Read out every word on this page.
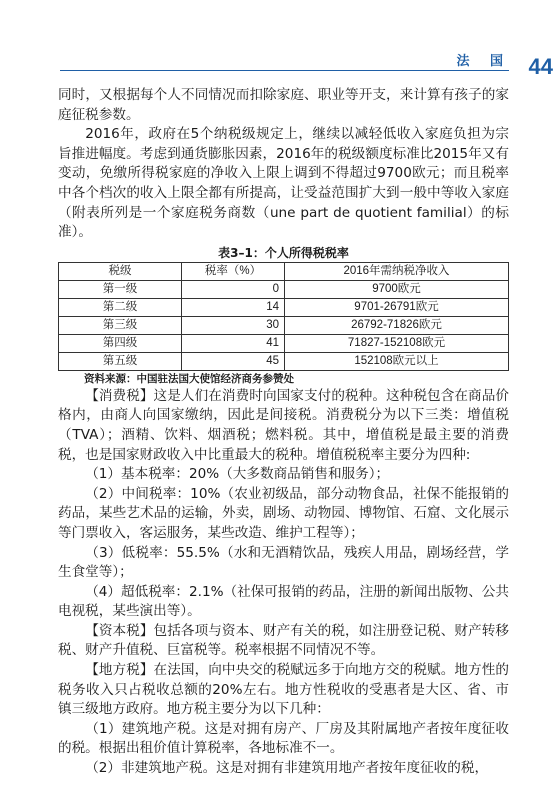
法 国 44

同时，又根据每个人不同情况而扣除家庭、职业等开支，来计算有孩子的家庭征税参数。

2016年，政府在5个纳税级规定上，继续以减轻低收入家庭负担为宗旨推进幅度。考虑到通货膨胀因素，2016年的税级额度标准比2015年又有变动，免缴所得税家庭的净收入上限上调到不得超过9700欧元；而且税率中各个档次的收入上限全都有所提高，让受益范围扩大到一般中等收入家庭（附表所列是一个家庭税务商数（une part de quotient familial）的标准）。

表3–1：个人所得税税率
税级	税率（%）	2016年需纳税净收入
第一级	0	9700欧元
第二级	14	9701-26791欧元
第三级	30	26792-71826欧元
第四级	41	71827-152108欧元
第五级	45	152108欧元以上
资料来源：中国驻法国大使馆经济商务参赞处

【消费税】这是人们在消费时向国家支付的税种。这种税包含在商品价格内，由商人向国家缴纳，因此是间接税。消费税分为以下三类：增值税（TVA）；酒精、饮料、烟酒税；燃料税。其中，增值税是最主要的消费税，也是国家财政收入中比重最大的税种。增值税税率主要分为四种:

（1）基本税率：20%（大多数商品销售和服务）；

（2）中间税率：10%（农业初级品，部分动物食品，社保不能报销的药品，某些艺术品的运输，外卖，剧场、动物园、博物馆、石窟、文化展示等门票收入，客运服务，某些改造、维护工程等）；

（3）低税率：55.5%（水和无酒精饮品，残疾人用品，剧场经营，学生食堂等）；

（4）超低税率：2.1%（社保可报销的药品，注册的新闻出版物、公共电视税，某些演出等）。

【资本税】包括各项与资本、财产有关的税，如注册登记税、财产转移税、财产升值税、巨富税等。税率根据不同情况不等。

【地方税】在法国，向中央交的税赋远多于向地方交的税赋。地方性的税务收入只占税收总额的20%左右。地方性税收的受惠者是大区、省、市镇三级地方政府。地方税主要分为以下几种：

（1）建筑地产税。这是对拥有房产、厂房及其附属地产者按年度征收的税。根据出租价值计算税率，各地标准不一。

（2）非建筑地产税。这是对拥有非建筑用地产者按年度征收的税，
